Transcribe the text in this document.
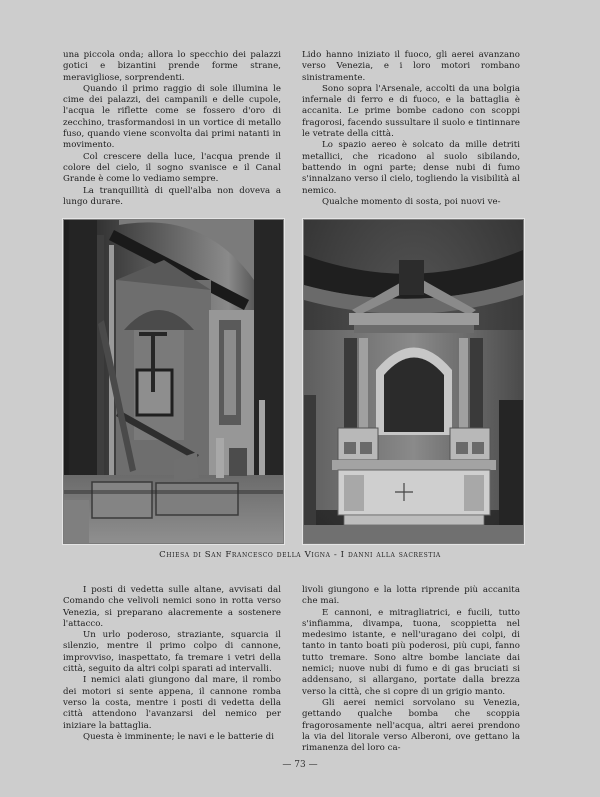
una piccola onda; allora lo specchio dei palazzi gotici e bizantini prende forme strane, meravigliose, sorprendenti.

Quando il primo raggio di sole illumina le cime dei palazzi, dei campanili e delle cupole, l'acqua le riflette come se fossero d'oro di zecchino, trasformandosi in un vortice di metallo fuso, quando viene sconvolta dai primi natanti in movimento.

Col crescere della luce, l'acqua prende il colore del cielo, il sogno svanisce e il Canal Grande è come lo vediamo sempre.

La tranquillità di quell'alba non doveva a lungo durare.

Lido hanno iniziato il fuoco, gli aerei avanzano verso Venezia, e i loro motori rombano sinistramente.

Sono sopra l'Arsenale, accolti da una bolgia infernale di ferro e di fuoco, e la battaglia è accanita. Le prime bombe cadono con scoppi fragorosi, facendo sussultare il suolo e tintinnare le vetrate della città.

Lo spazio aereo è solcato da mille detriti metallici, che ricadono al suolo sibilando, battendo in ogni parte; dense nubi di fumo s'innalzano verso il cielo, togliendo la visibilità al nemico.

Qualche momento di sosta, poi nuovi ve-

Chiesa di San Francesco della Vigna - I danni alla sacrestia

I posti di vedetta sulle altane, avvisati dal Comando che velivoli nemici sono in rotta verso Venezia, si preparano alacremente a sostenere l'attacco.

Un urlo poderoso, straziante, squarcia il silenzio, mentre il primo colpo di cannone, improvviso, inaspettato, fa tremare i vetri della città, seguito da altri colpi sparati ad intervalli.

I nemici alati giungono dal mare, il rombo dei motori si sente appena, il cannone romba verso la costa, mentre i posti di vedetta della città attendono l'avanzarsi del nemico per iniziare la battaglia.

Questa è imminente; le navi e le batterie di

livoli giungono e la lotta riprende più accanita che mai.

E cannoni, e mitragliatrici, e fucili, tutto s'infiamma, divampa, tuona, scoppietta nel medesimo istante, e nell'uragano dei colpi, di tanto in tanto boati più poderosi, più cupi, fanno tutto tremare. Sono altre bombe lanciate dai nemici; nuove nubi di fumo e di gas bruciati si addensano, si allargano, portate dalla brezza verso la città, che si copre di un grigio manto.

Gli aerei nemici sorvolano su Venezia, gettando qualche bomba che scoppia fragorosamente nell'acqua, altri aerei prendono la via del litorale verso Alberoni, ove gettano la rimanenza del loro ca-

— 73 —
